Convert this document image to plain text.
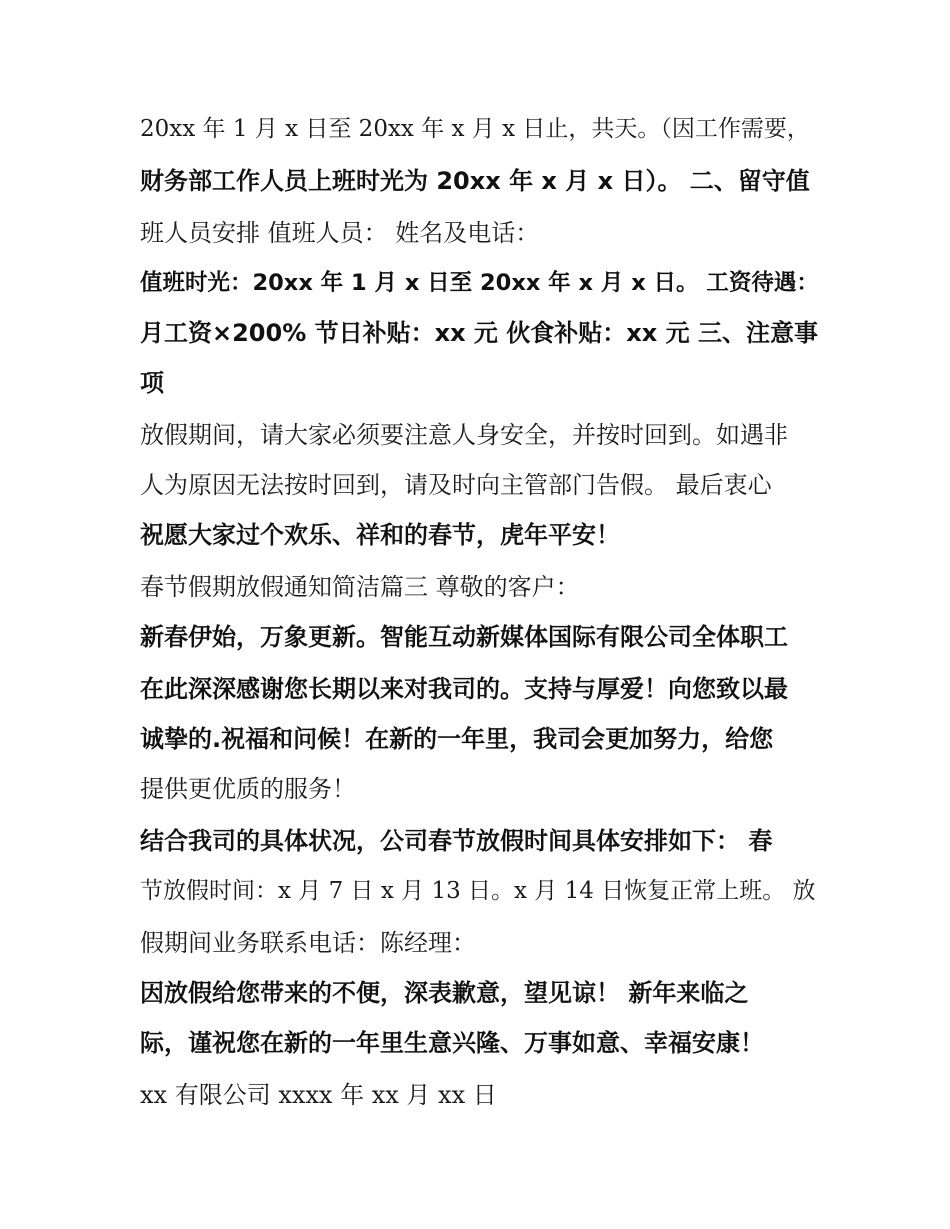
20xx 年 1 月 x 日至 20xx 年 x 月 x 日止，共天。（因工作需要，
财务部工作人员上班时光为 20xx 年 x 月 x 日）。 二、留守值
班人员安排 值班人员： 姓名及电话：
值班时光：20xx 年 1 月 x 日至 20xx 年 x 月 x 日。 工资待遇：
月工资×200% 节日补贴：xx 元 伙食补贴：xx 元 三、注意事
项
放假期间，请大家必须要注意人身安全，并按时回到。如遇非
人为原因无法按时回到，请及时向主管部门告假。 最后衷心
祝愿大家过个欢乐、祥和的春节，虎年平安！
春节假期放假通知简洁篇三 尊敬的客户：
新春伊始，万象更新。智能互动新媒体国际有限公司全体职工
在此深深感谢您长期以来对我司的。支持与厚爱！向您致以最
诚挚的.祝福和问候！在新的一年里，我司会更加努力，给您
提供更优质的服务！
结合我司的具体状况，公司春节放假时间具体安排如下： 春
节放假时间：x 月 7 日 x 月 13 日。x 月 14 日恢复正常上班。 放
假期间业务联系电话：陈经理：
因放假给您带来的不便，深表歉意，望见谅！ 新年来临之
际，谨祝您在新的一年里生意兴隆、万事如意、幸福安康！
xx 有限公司 xxxx 年 xx 月 xx 日
